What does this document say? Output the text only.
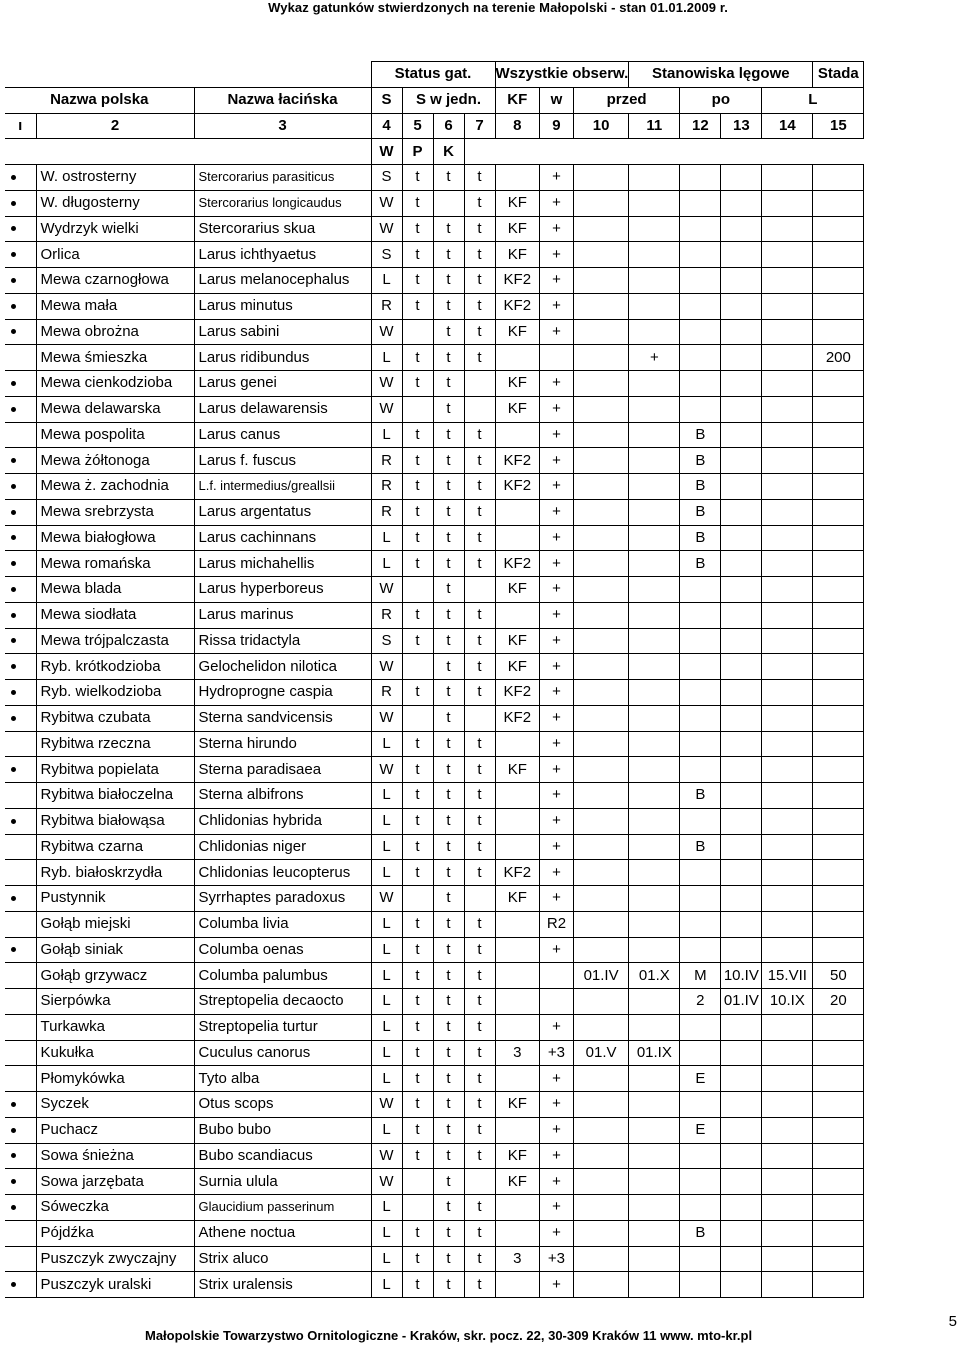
Wykaz gatunków stwierdzonych na terenie Małopolski - stan 01.01.2009 r.
			Status gat.				Wszystkie obserw.			Stanowiska lęgowe				Stada
Nazwa polska		Nazwa łacińska	S	S w jedn.			KF	w	przed		po		L	
ı	2	3	4	5	6	7	8	9	10	11	12	13	14	15
			W	P	K									
	W. ostrosterny	Stercorarius parasiticus	S	t	t	t		+						
	W. długosterny	Stercorarius longicaudus	W	t		t	KF	+						
	Wydrzyk wielki	Stercorarius skua	W	t	t	t	KF	+						
	Orlica	Larus ichthyaetus	S	t	t	t	KF	+						
	Mewa czarnogłowa	Larus melanocephalus	L	t	t	t	KF2	+						
	Mewa mała	Larus minutus	R	t	t	t	KF2	+						
	Mewa obrożna	Larus sabini	W		t	t	KF	+						
	Mewa śmieszka	Larus ridibundus	L	t	t	t				+				200
	Mewa cienkodzioba	Larus genei	W	t	t		KF	+						
	Mewa delawarska	Larus delawarensis	W		t		KF	+						
	Mewa pospolita	Larus canus	L	t	t	t		+			B			
	Mewa żółtonoga	Larus f. fuscus	R	t	t	t	KF2	+			B			
	Mewa ż. zachodnia	L.f. intermedius/greallsii	R	t	t	t	KF2	+			B			
	Mewa srebrzysta	Larus argentatus	R	t	t	t		+			B			
	Mewa białogłowa	Larus cachinnans	L	t	t	t		+			B			
	Mewa romańska	Larus michahellis	L	t	t	t	KF2	+			B			
	Mewa blada	Larus hyperboreus	W		t		KF	+						
	Mewa siodłata	Larus marinus	R	t	t	t		+						
	Mewa trójpalczasta	Rissa tridactyla	S	t	t	t	KF	+						
	Ryb. krótkodzioba	Gelochelidon nilotica	W		t	t	KF	+						
	Ryb. wielkodzioba	Hydroprogne caspia	R	t	t	t	KF2	+						
	Rybitwa czubata	Sterna sandvicensis	W		t		KF2	+						
	Rybitwa rzeczna	Sterna hirundo	L	t	t	t		+						
	Rybitwa popielata	Sterna paradisaea	W	t	t	t	KF	+						
	Rybitwa białoczelna	Sterna albifrons	L	t	t	t		+			B			
	Rybitwa białowąsa	Chlidonias hybrida	L	t	t	t		+						
	Rybitwa czarna	Chlidonias niger	L	t	t	t		+			B			
	Ryb. białoskrzydła	Chlidonias leucopterus	L	t	t	t	KF2	+						
	Pustynnik	Syrrhaptes paradoxus	W		t		KF	+						
	Gołąb miejski	Columba livia	L	t	t	t		R2						
	Gołąb siniak	Columba oenas	L	t	t	t		+						
	Gołąb grzywacz	Columba palumbus	L	t	t	t			01.IV	01.X	M	10.IV	15.VII	50
	Sierpówka	Streptopelia decaocto	L	t	t	t					2	01.IV	10.IX	20
	Turkawka	Streptopelia turtur	L	t	t	t		+						
	Kukułka	Cuculus canorus	L	t	t	t	3	+3	01.V	01.IX				
	Płomykówka	Tyto alba	L	t	t	t		+			E			
	Syczek	Otus scops	W	t	t	t	KF	+						
	Puchacz	Bubo bubo	L	t	t	t		+			E			
	Sowa śnieżna	Bubo scandiacus	W	t	t	t	KF	+						
	Sowa jarzębata	Surnia ulula	W		t		KF	+						
	Sóweczka	Glaucidium passerinum	L		t	t		+						
	Pójdźka	Athene noctua	L	t	t	t		+			B			
	Puszczyk zwyczajny	Strix aluco	L	t	t	t	3	+3						
	Puszczyk uralski	Strix uralensis	L	t	t	t		+						
Małopolskie Towarzystwo Ornitologiczne - Kraków, skr. pocz. 22, 30-309 Kraków 11 www. mto-kr.pl
5
